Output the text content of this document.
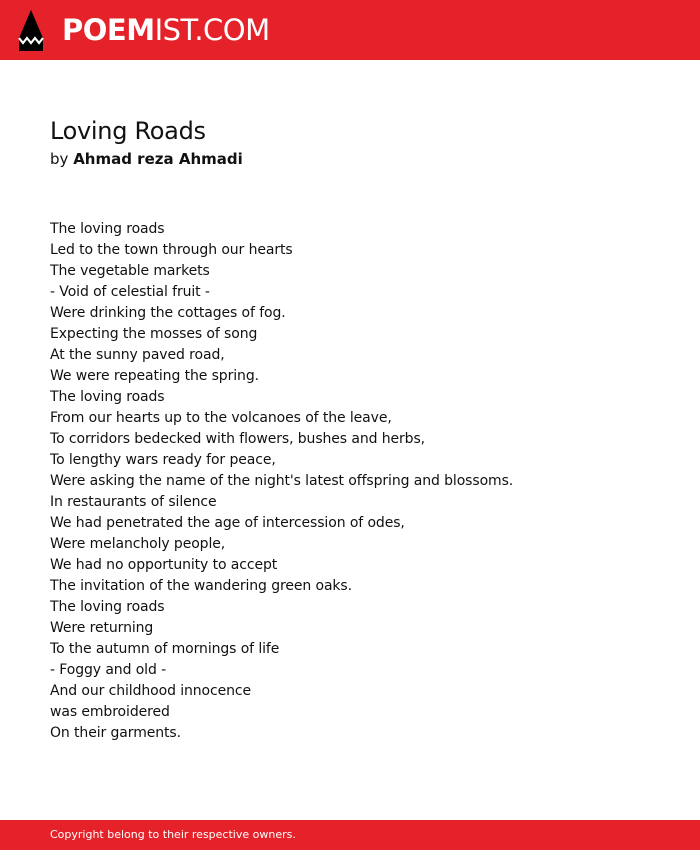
POEMIST.COM
Loving Roads
by Ahmad reza Ahmadi
The loving roads
Led to the town through our hearts
The vegetable markets
- Void of celestial fruit -
Were drinking the cottages of fog.
Expecting the mosses of song
At the sunny paved road,
We were repeating the spring.
The loving roads
From our hearts up to the volcanoes of the leave,
To corridors bedecked with flowers, bushes and herbs,
To lengthy wars ready for peace,
Were asking the name of the night's latest offspring and blossoms.
In restaurants of silence
We had penetrated the age of intercession of odes,
Were melancholy people,
We had no opportunity to accept
The invitation of the wandering green oaks.
The loving roads
Were returning
To the autumn of mornings of life
- Foggy and old -
And our childhood innocence
was embroidered
On their garments.
Copyright belong to their respective owners.
